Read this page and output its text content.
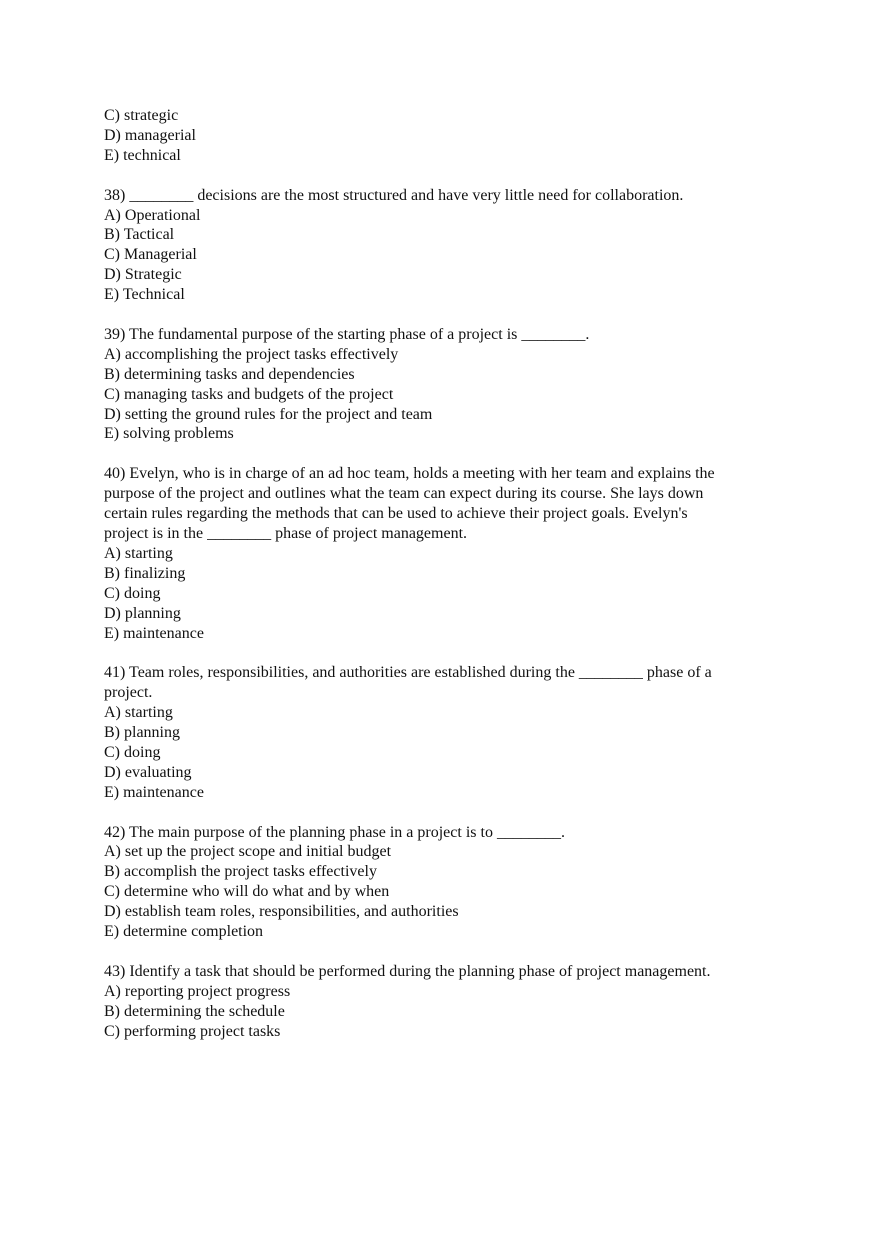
C) strategic
D) managerial
E) technical
38) ________ decisions are the most structured and have very little need for collaboration.
A) Operational
B) Tactical
C) Managerial
D) Strategic
E) Technical
39) The fundamental purpose of the starting phase of a project is ________.
A) accomplishing the project tasks effectively
B) determining tasks and dependencies
C) managing tasks and budgets of the project
D) setting the ground rules for the project and team
E) solving problems
40) Evelyn, who is in charge of an ad hoc team, holds a meeting with her team and explains the
purpose of the project and outlines what the team can expect during its course. She lays down
certain rules regarding the methods that can be used to achieve their project goals. Evelyn's
project is in the ________ phase of project management.
A) starting
B) finalizing
C) doing
D) planning
E) maintenance
41) Team roles, responsibilities, and authorities are established during the ________ phase of a
project.
A) starting
B) planning
C) doing
D) evaluating
E) maintenance
42) The main purpose of the planning phase in a project is to ________.
A) set up the project scope and initial budget
B) accomplish the project tasks effectively
C) determine who will do what and by when
D) establish team roles, responsibilities, and authorities
E) determine completion
43) Identify a task that should be performed during the planning phase of project management.
A) reporting project progress
B) determining the schedule
C) performing project tasks
